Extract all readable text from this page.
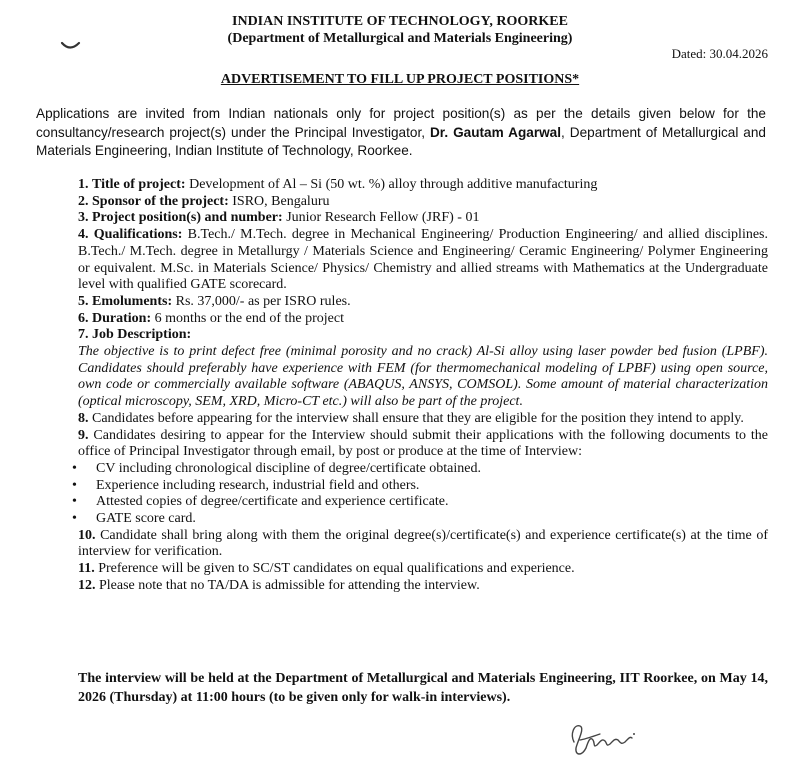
INDIAN INSTITUTE OF TECHNOLOGY, ROORKEE
(Department of Metallurgical and Materials Engineering)
Dated: 30.04.2026
ADVERTISEMENT TO FILL UP PROJECT POSITIONS*
Applications are invited from Indian nationals only for project position(s) as per the details given below for the consultancy/research project(s) under the Principal Investigator, Dr. Gautam Agarwal, Department of Metallurgical and Materials Engineering, Indian Institute of Technology, Roorkee.
1. Title of project: Development of Al – Si (50 wt. %) alloy through additive manufacturing
2. Sponsor of the project: ISRO, Bengaluru
3. Project position(s) and number: Junior Research Fellow (JRF) - 01
4. Qualifications: B.Tech./ M.Tech. degree in Mechanical Engineering/ Production Engineering/ and allied disciplines. B.Tech./ M.Tech. degree in Metallurgy / Materials Science and Engineering/ Ceramic Engineering/ Polymer Engineering or equivalent. M.Sc. in Materials Science/ Physics/ Chemistry and allied streams with Mathematics at the Undergraduate level with qualified GATE scorecard.
5. Emoluments: Rs. 37,000/- as per ISRO rules.
6. Duration: 6 months or the end of the project
7. Job Description:
The objective is to print defect free (minimal porosity and no crack) Al-Si alloy using laser powder bed fusion (LPBF). Candidates should preferably have experience with FEM (for thermomechanical modeling of LPBF) using open source, own code or commercially available software (ABAQUS, ANSYS, COMSOL). Some amount of material characterization (optical microscopy, SEM, XRD, Micro-CT etc.) will also be part of the project.
8. Candidates before appearing for the interview shall ensure that they are eligible for the position they intend to apply.
9. Candidates desiring to appear for the Interview should submit their applications with the following documents to the office of Principal Investigator through email, by post or produce at the time of Interview:
• CV including chronological discipline of degree/certificate obtained.
• Experience including research, industrial field and others.
• Attested copies of degree/certificate and experience certificate.
• GATE score card.
10. Candidate shall bring along with them the original degree(s)/certificate(s) and experience certificate(s) at the time of interview for verification.
11. Preference will be given to SC/ST candidates on equal qualifications and experience.
12. Please note that no TA/DA is admissible for attending the interview.
The interview will be held at the Department of Metallurgical and Materials Engineering, IIT Roorkee, on May 14, 2026 (Thursday) at 11:00 hours (to be given only for walk-in interviews).
